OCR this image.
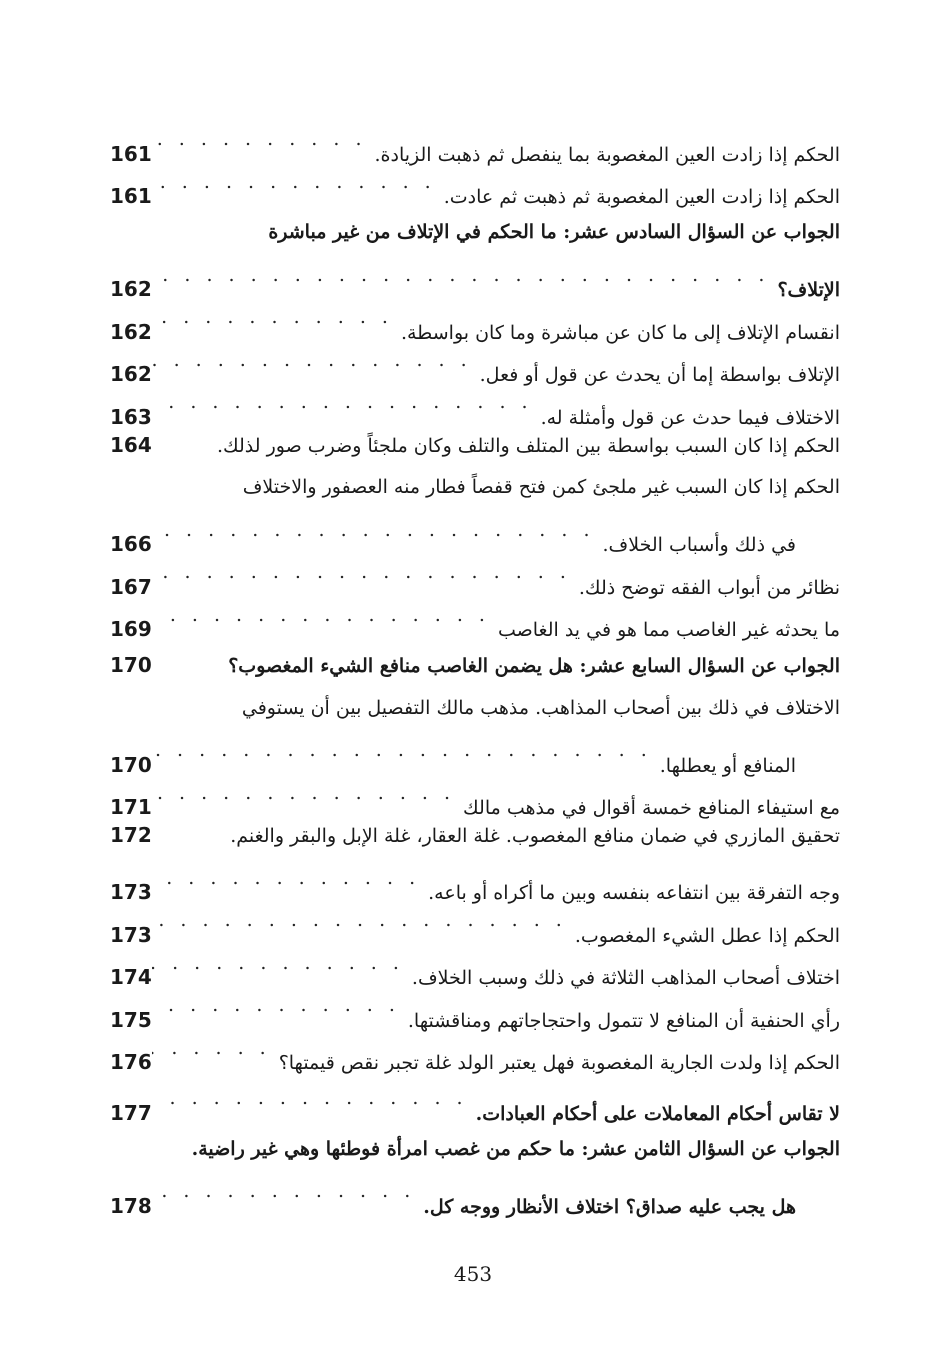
الحكم إذا زادت العين المغصوبة بما ينفصل ثم ذهبت الزيادة.
. . .
161
الحكم إذا زادت العين المغصوبة ثم ذهبت ثم عادت.
. . .
161
الجواب عن السؤال السادس عشر: ما الحكم في الإتلاف من غير مباشرة
الإتلاف؟
. . .
162
انقسام الإتلاف إلى ما كان عن مباشرة وما كان بواسطة.
. . .
162
الإتلاف بواسطة إما أن يحدث عن قول أو فعل.
. . .
162
الاختلاف فيما حدث عن قول وأمثلة له.
. . .
163
الحكم إذا كان السبب بواسطة بين المتلف والتلف وكان ملجئاً وضرب صور لذلك.
164
الحكم إذا كان السبب غير ملجئ كمن فتح قفصاً فطار منه العصفور والاختلاف
في ذلك وأسباب الخلاف.
. . .
166
نظائر من أبواب الفقه توضح ذلك.
. . .
167
ما يحدثه غير الغاصب مما هو في يد الغاصب
. . .
169
الجواب عن السؤال السابع عشر: هل يضمن الغاصب منافع الشيء المغصوب؟
170
الاختلاف في ذلك بين أصحاب المذاهب. مذهب مالك التفصيل بين أن يستوفي
المنافع أو يعطلها.
. . .
170
مع استيفاء المنافع خمسة أقوال في مذهب مالك
. . .
171
تحقيق المازري في ضمان منافع المغصوب. غلة العقار، غلة الإبل والبقر والغنم.
172
وجه التفرقة بين انتفاعه بنفسه وبين ما أكراه أو باعه.
. . .
173
الحكم إذا عطل الشيء المغصوب.
. . .
173
اختلاف أصحاب المذاهب الثلاثة في ذلك وسبب الخلاف.
. . .
174
رأي الحنفية أن المنافع لا تتمول واحتجاجاتهم ومناقشتها.
. . .
175
الحكم إذا ولدت الجارية المغصوبة فهل يعتبر الولد غلة تجبر نقص قيمتها؟
. . .
176
لا تقاس أحكام المعاملات على أحكام العبادات.
. . .
177
الجواب عن السؤال الثامن عشر: ما حكم من غصب امرأة فوطئها وهي غير راضية.
هل يجب عليه صداق؟ اختلاف الأنظار ووجه كل.
. . .
178
453
